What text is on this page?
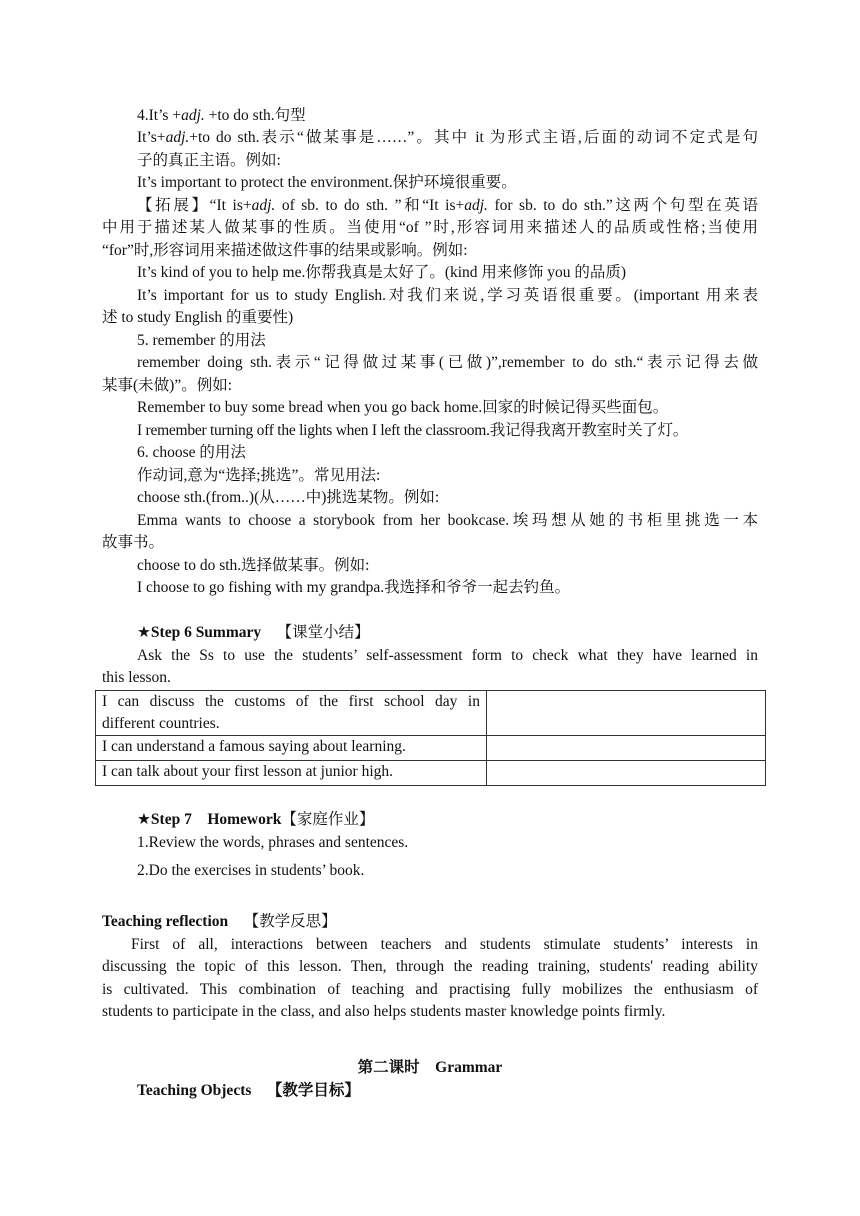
4.It’s +adj. +to do sth.句型
It’s+adj.+to do sth.表示“做某事是……”。其中 it 为形式主语,后面的动词不定式是句
子的真正主语。例如:
It’s important to protect the environment.保护环境很重要。
【拓展】“It is+adj. of sb. to do sth. ”和“It is+adj. for sb. to do sth.”这两个句型在英语
中用于描述某人做某事的性质。当使用“of ”时,形容词用来描述人的品质或性格;当使用
“for”时,形容词用来描述做这件事的结果或影响。例如:
It’s kind of you to help me.你帮我真是太好了。(kind 用来修饰 you 的品质)
It’s important for us to study English.对我们来说,学习英语很重要。(important 用来表
述 to study English 的重要性)
5. remember 的用法
remember doing sth.表示“记得做过某事(已做)”,remember to do sth.“表示记得去做
某事(未做)”。例如:
Remember to buy some bread when you go back home.回家的时候记得买些面包。
I remember turning off the lights when I left the classroom.我记得我离开教室时关了灯。
6. choose 的用法
作动词,意为“选择;挑选”。常见用法:
choose sth.(from..)(从……中)挑选某物。例如:
Emma wants to choose a storybook from her bookcase.埃玛想从她的书柜里挑选一本
故事书。
choose to do sth.选择做某事。例如:
I choose to go fishing with my grandpa.我选择和爷爷一起去钓鱼。
★Step 6 Summary    【课堂小结】
Ask the Ss to use the students’ self-assessment form to check what they have learned in
this lesson.
I can discuss the customs of the first school day in
different countries.	
I can understand a famous saying about learning.	
I can talk about your first lesson at junior high.	
★Step 7    Homework【家庭作业】
1.Review the words, phrases and sentences.
2.Do the exercises in students’ book.
Teaching reflection    【教学反思】
First of all, interactions between teachers and students stimulate students’ interests in
discussing the topic of this lesson. Then, through the reading training, students' reading ability
is cultivated. This combination of teaching and practising fully mobilizes the enthusiasm of
students to participate in the class, and also helps students master knowledge points firmly.
第二课时    Grammar
Teaching Objects    【教学目标】
